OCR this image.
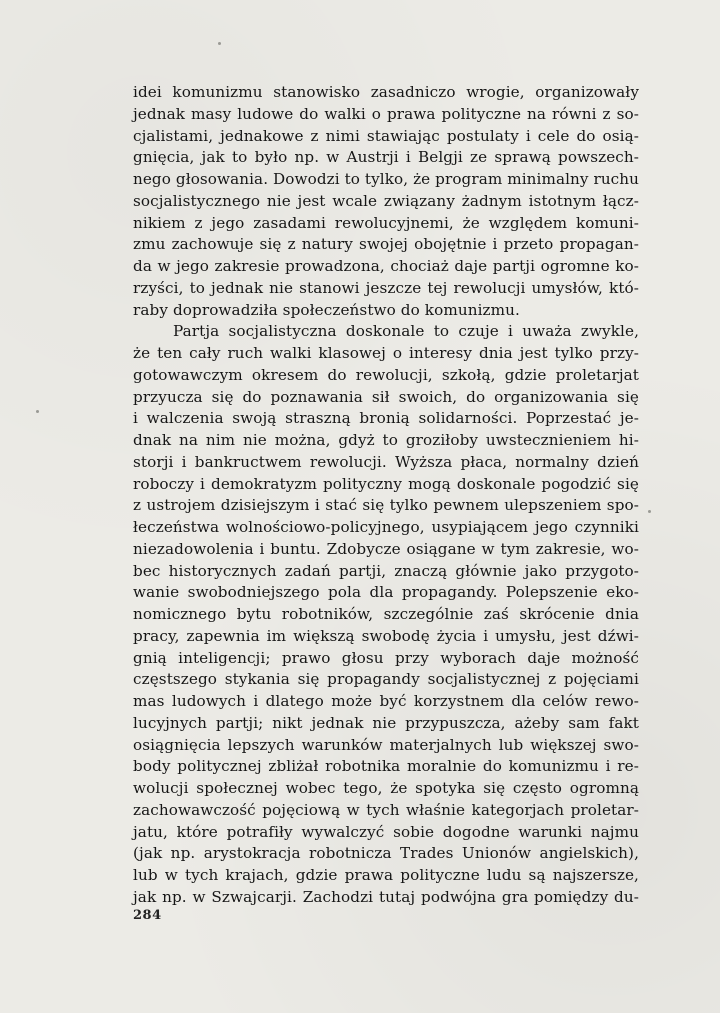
idei komunizmu stanowisko zasadniczo wrogie, organizowały
jednak masy ludowe do walki o prawa polityczne na równi z so-
cjalistami, jednakowe z nimi stawiając postulaty i cele do osią-
gnięcia, jak to było np. w Austrji i Belgji ze sprawą powszech-
nego głosowania. Dowodzi to tylko, że program minimalny ruchu
socjalistycznego nie jest wcale związany żadnym istotnym łącz-
nikiem z jego zasadami rewolucyjnemi, że względem komuni-
zmu zachowuje się z natury swojej obojętnie i przeto propagan-
da w jego zakresie prowadzona, chociaż daje partji ogromne ko-
rzyści, to jednak nie stanowi jeszcze tej rewolucji umysłów, któ-
raby doprowadziła społeczeństwo do komunizmu.
Partja socjalistyczna doskonale to czuje i uważa zwykle,
że ten cały ruch walki klasowej o interesy dnia jest tylko przy-
gotowawczym okresem do rewolucji, szkołą, gdzie proletarjat
przyucza się do poznawania sił swoich, do organizowania się
i walczenia swoją straszną bronią solidarności. Poprzestać je-
dnak na nim nie można, gdyż to groziłoby uwstecznieniem hi-
storji i bankructwem rewolucji. Wyższa płaca, normalny dzień
roboczy i demokratyzm polityczny mogą doskonale pogodzić się
z ustrojem dzisiejszym i stać się tylko pewnem ulepszeniem spo-
łeczeństwa wolnościowo-policyjnego, usypiającem jego czynniki
niezadowolenia i buntu. Zdobycze osiągane w tym zakresie, wo-
bec historycznych zadań partji, znaczą głównie jako przygoto-
wanie swobodniejszego pola dla propagandy. Polepszenie eko-
nomicznego bytu robotników, szczególnie zaś skrócenie dnia
pracy, zapewnia im większą swobodę życia i umysłu, jest dźwi-
gnią inteligencji; prawo głosu przy wyborach daje możność
częstszego stykania się propagandy socjalistycznej z pojęciami
mas ludowych i dlatego może być korzystnem dla celów rewo-
lucyjnych partji; nikt jednak nie przypuszcza, ażeby sam fakt
osiągnięcia lepszych warunków materjalnych lub większej swo-
body politycznej zbliżał robotnika moralnie do komunizmu i re-
wolucji społecznej wobec tego, że spotyka się często ogromną
zachowawczość pojęciową w tych właśnie kategorjach proletar-
jatu, które potrafiły wywalczyć sobie dogodne warunki najmu
(jak np. arystokracja robotnicza Trades Unionów angielskich),
lub w tych krajach, gdzie prawa polityczne ludu są najszersze,
jak np. w Szwajcarji. Zachodzi tutaj podwójna gra pomiędzy du-
284
